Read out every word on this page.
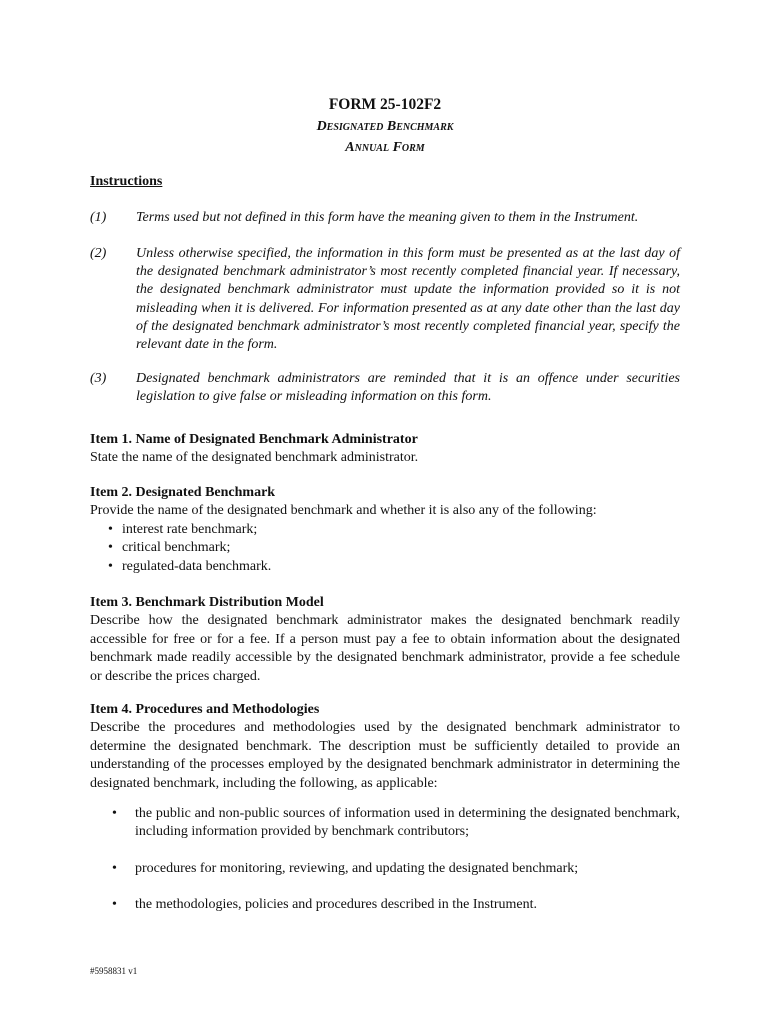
FORM 25-102F2
Designated Benchmark
Annual Form
Instructions
(1)	Terms used but not defined in this form have the meaning given to them in the Instrument.
(2)	Unless otherwise specified, the information in this form must be presented as at the last day of the designated benchmark administrator’s most recently completed financial year. If necessary, the designated benchmark administrator must update the information provided so it is not misleading when it is delivered. For information presented as at any date other than the last day of the designated benchmark administrator’s most recently completed financial year, specify the relevant date in the form.
(3)	Designated benchmark administrators are reminded that it is an offence under securities legislation to give false or misleading information on this form.
Item 1. Name of Designated Benchmark Administrator
State the name of the designated benchmark administrator.
Item 2. Designated Benchmark
Provide the name of the designated benchmark and whether it is also any of the following:
• interest rate benchmark;
• critical benchmark;
• regulated-data benchmark.
Item 3. Benchmark Distribution Model
Describe how the designated benchmark administrator makes the designated benchmark readily accessible for free or for a fee. If a person must pay a fee to obtain information about the designated benchmark made readily accessible by the designated benchmark administrator, provide a fee schedule or describe the prices charged.
Item 4. Procedures and Methodologies
Describe the procedures and methodologies used by the designated benchmark administrator to determine the designated benchmark. The description must be sufficiently detailed to provide an understanding of the processes employed by the designated benchmark administrator in determining the designated benchmark, including the following, as applicable:
• the public and non-public sources of information used in determining the designated benchmark, including information provided by benchmark contributors;
• procedures for monitoring, reviewing, and updating the designated benchmark;
• the methodologies, policies and procedures described in the Instrument.
#5958831 v1
